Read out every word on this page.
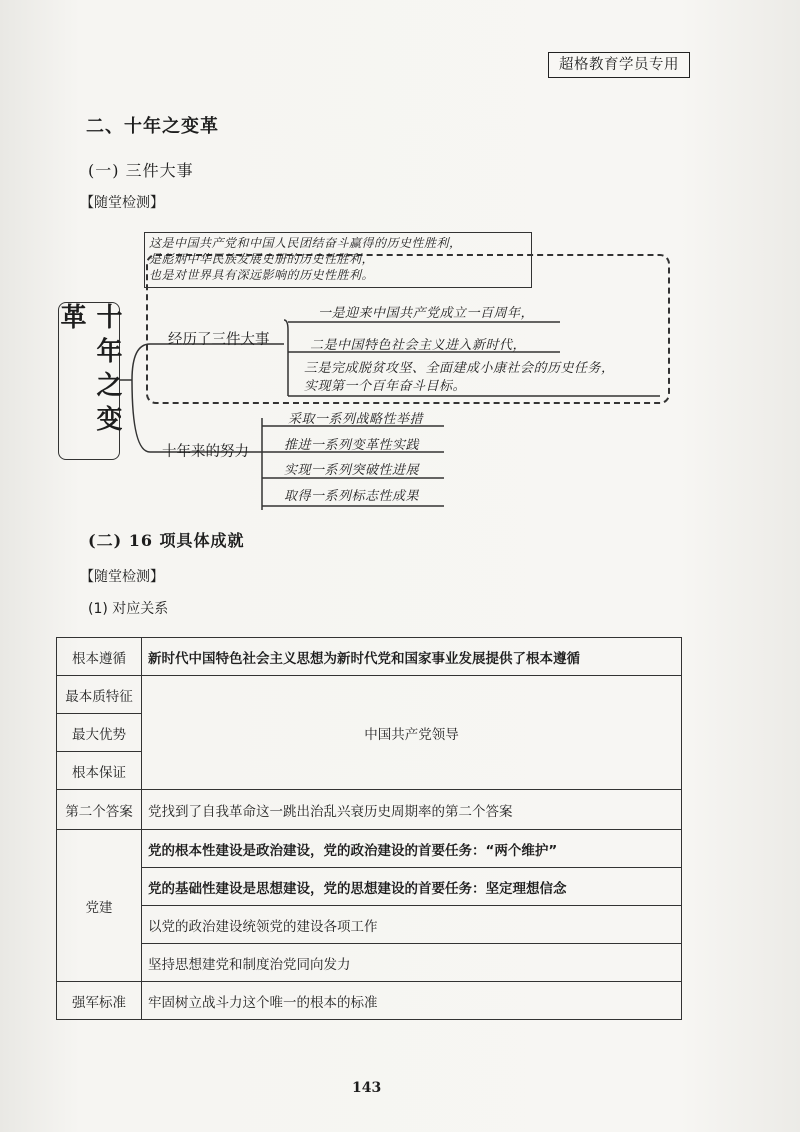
超格教育学员专用
二、十年之变革
(一) 三件大事
【随堂检测】
这是中国共产党和中国人民团结奋斗赢得的历史性胜利，
是彪炳中华民族发展史册的历史性胜利，
也是对世界具有深远影响的历史性胜利。
十年之变革
经历了三件大事
十年来的努力
一是迎来中国共产党成立一百周年，
二是中国特色社会主义进入新时代，
三是完成脱贫攻坚、全面建成小康社会的历史任务，
实现第一个百年奋斗目标。
采取一系列战略性举措
推进一系列变革性实践
实现一系列突破性进展
取得一系列标志性成果
(二) 16 项具体成就
【随堂检测】
(1) 对应关系
根本遵循	新时代中国特色社会主义思想为新时代党和国家事业发展提供了根本遵循
最本质特征	中国共产党领导
最大优势	
根本保证	
第二个答案	党找到了自我革命这一跳出治乱兴衰历史周期率的第二个答案
党建	党的根本性建设是政治建设，党的政治建设的首要任务：“两个维护”
	党的基础性建设是思想建设，党的思想建设的首要任务：坚定理想信念
	以党的政治建设统领党的建设各项工作
	坚持思想建党和制度治党同向发力
强军标准	牢固树立战斗力这个唯一的根本的标准
143
